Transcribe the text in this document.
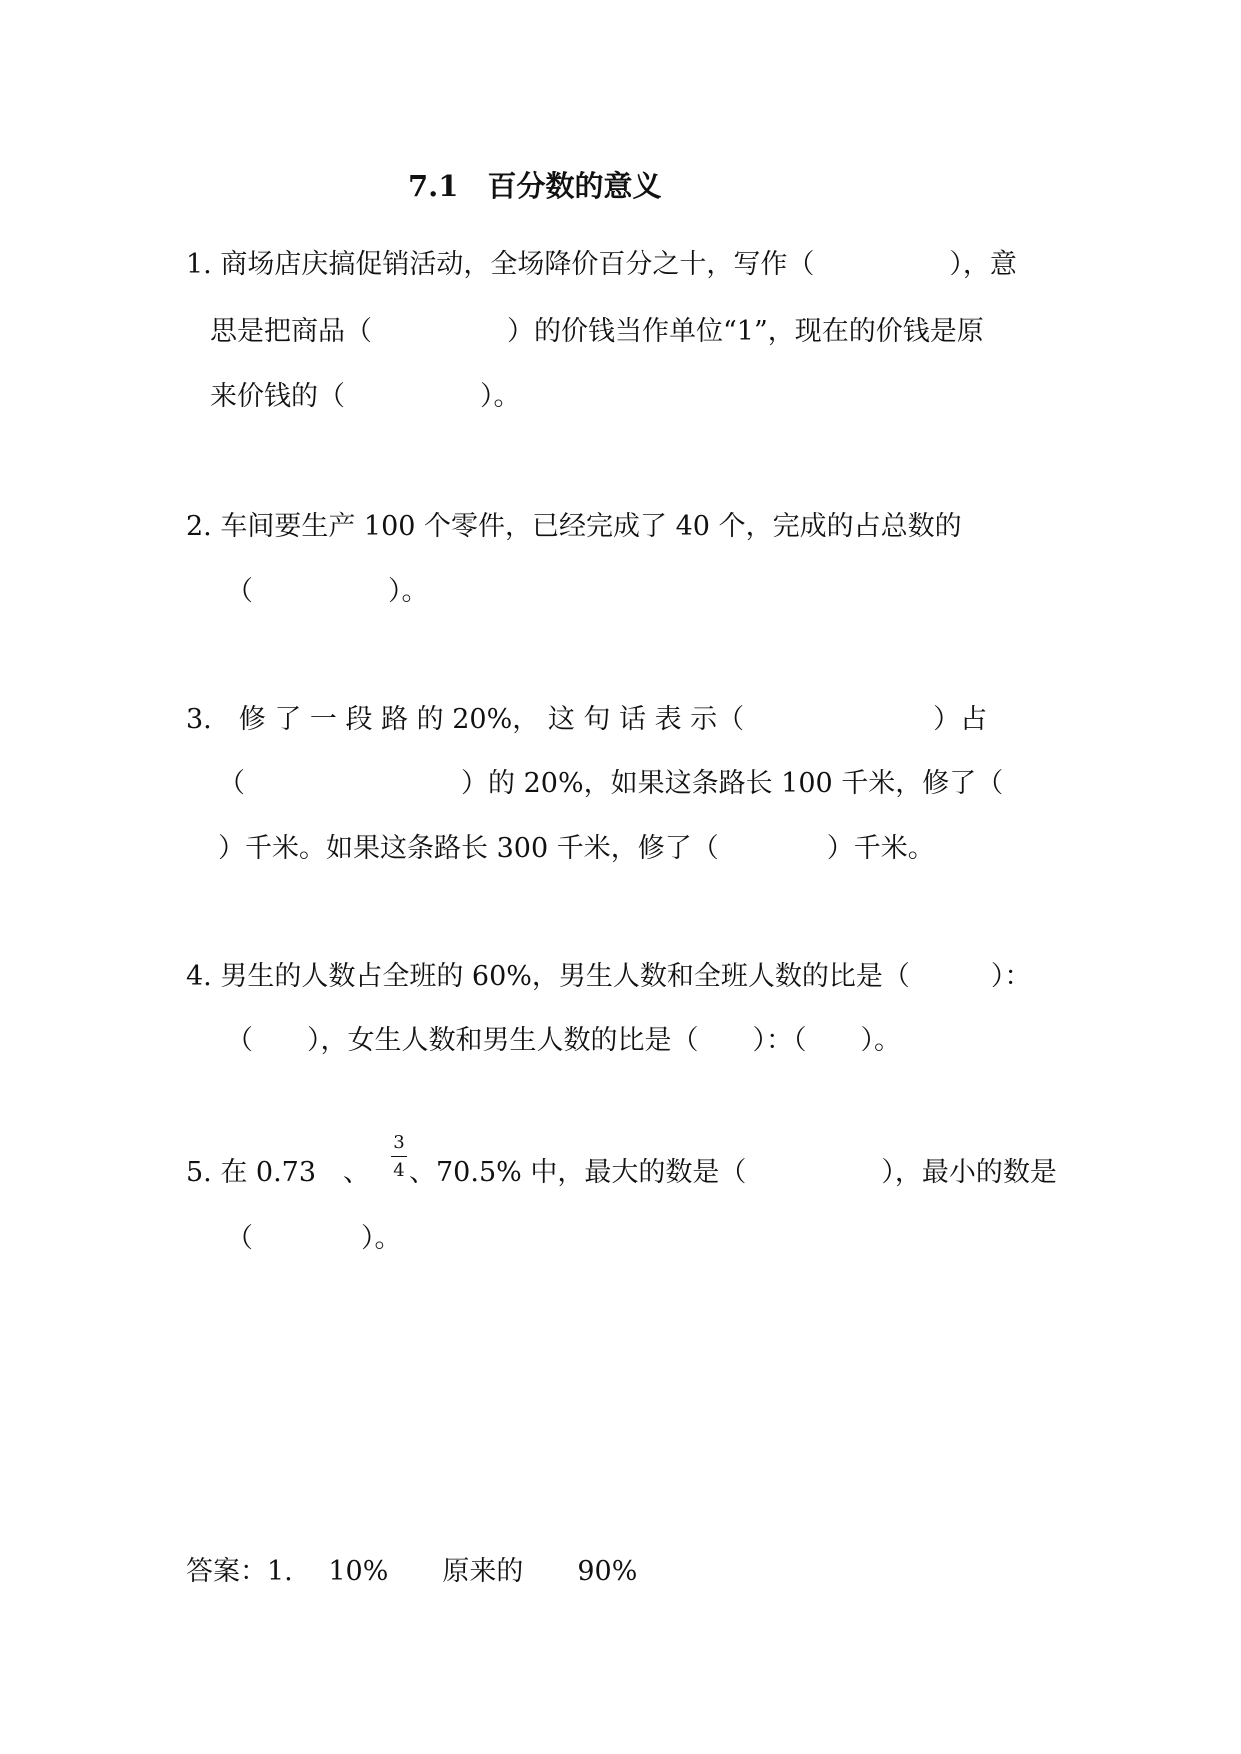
7.1　百分数的意义
1. 商场店庆搞促销活动，全场降价百分之十，写作（　　　　　），意
思是把商品（　　　　　）的价钱当作单位“1”，现在的价钱是原
来价钱的（　　　　　）。
2. 车间要生产 100 个零件，已经完成了 40 个，完成的占总数的
（　　　　　）。
3.　修 了 一 段 路 的 20%， 这 句 话 表 示（　　　　　　　）占
（　　　　　　　　）的 20%，如果这条路长 100 千米，修了（
）千米。如果这条路长 300 千米，修了（　　　　）千米。
4. 男生的人数占全班的 60%，男生人数和全班人数的比是（　　　）：
（　　），女生人数和男生人数的比是（　　）：（　　）。
5. 在 0.73　、
3
4 、70.5% 中，最大的数是（　　　　　），最小的数是
（　　　　）。
答案：1.　 10%　　原来的　　90%
